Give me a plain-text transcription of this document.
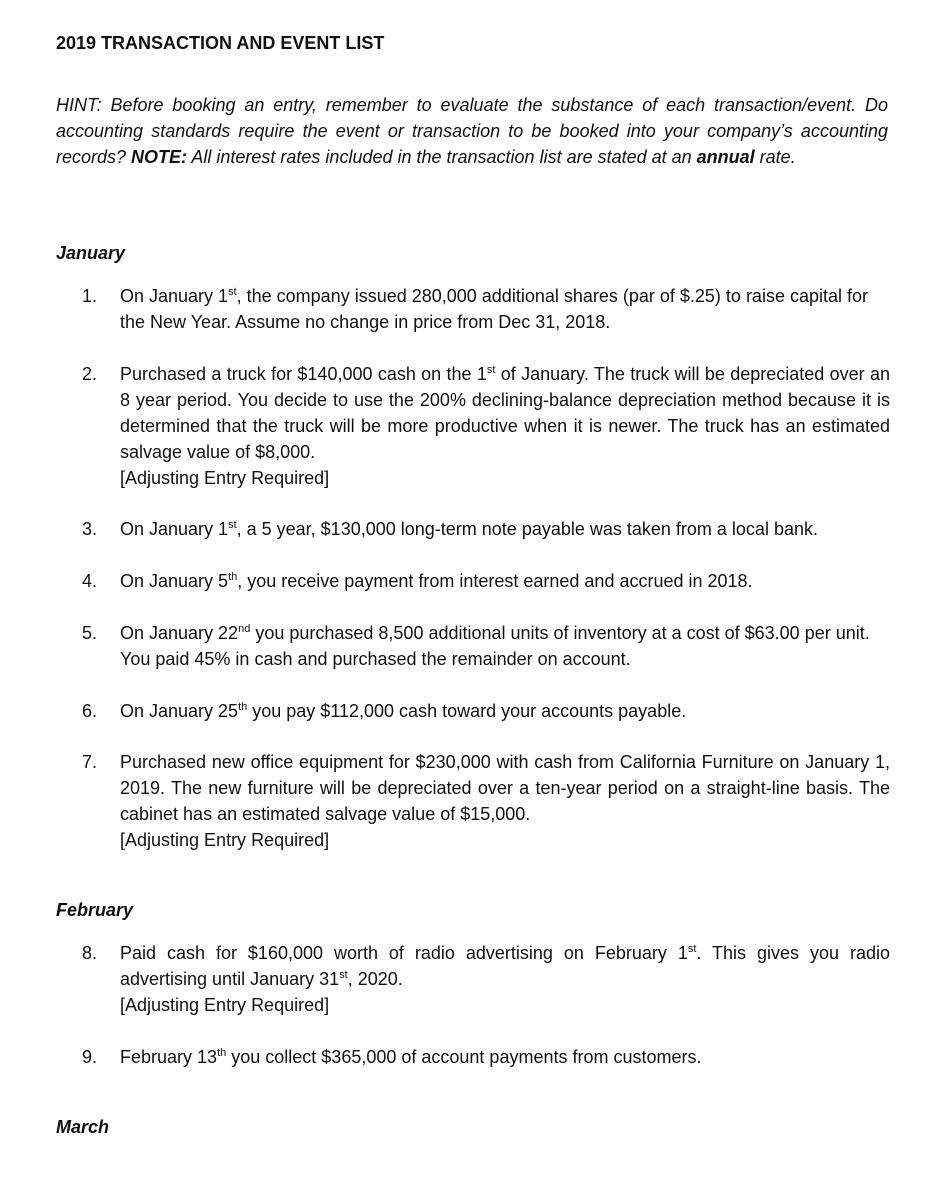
2019 TRANSACTION AND EVENT LIST

HINT: Before booking an entry, remember to evaluate the substance of each transaction/event. Do accounting standards require the event or transaction to be booked into your company’s accounting records? NOTE: All interest rates included in the transaction list are stated at an annual rate.

January
1. On January 1st, the company issued 280,000 additional shares (par of $.25) to raise capital for the New Year. Assume no change in price from Dec 31, 2018.
2. Purchased a truck for $140,000 cash on the 1st of January. The truck will be depreciated over an 8 year period. You decide to use the 200% declining-balance depreciation method because it is determined that the truck will be more productive when it is newer. The truck has an estimated salvage value of $8,000.
[Adjusting Entry Required]
3. On January 1st, a 5 year, $130,000 long-term note payable was taken from a local bank.
4. On January 5th, you receive payment from interest earned and accrued in 2018.
5. On January 22nd you purchased 8,500 additional units of inventory at a cost of $63.00 per unit. You paid 45% in cash and purchased the remainder on account.
6. On January 25th you pay $112,000 cash toward your accounts payable.
7. Purchased new office equipment for $230,000 with cash from California Furniture on January 1, 2019. The new furniture will be depreciated over a ten-year period on a straight-line basis. The cabinet has an estimated salvage value of $15,000.
[Adjusting Entry Required]
February
8. Paid cash for $160,000 worth of radio advertising on February 1st. This gives you radio advertising until January 31st, 2020.
[Adjusting Entry Required]
9. February 13th you collect $365,000 of account payments from customers.
March
